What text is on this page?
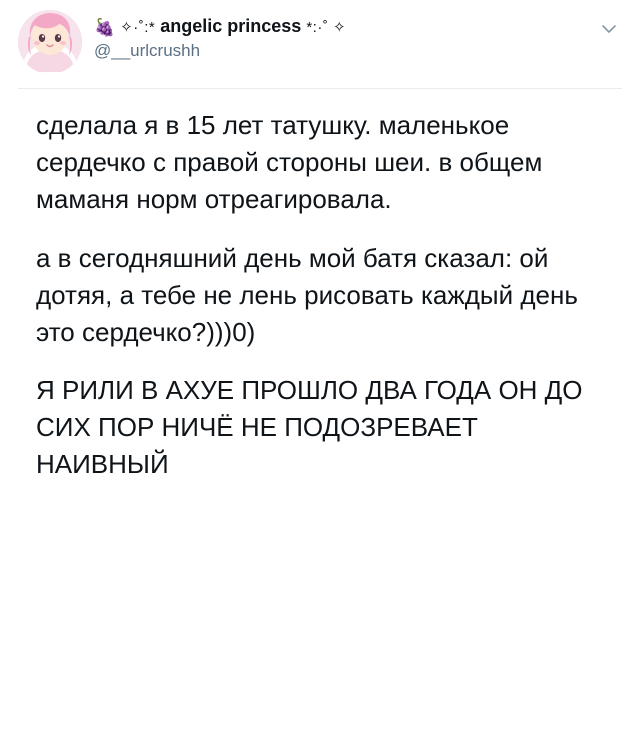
🍇 ✧·˚:* angelic princess *:·˚ ✧
@__urlcrushh

сделала я в 15 лет татушку. маленькое сердечко с правой стороны шеи. в общем маманя норм отреагировала.

а в сегодняшний день мой батя сказал: ой дотяя, а тебе не лень рисовать каждый день это сердечко?)))0)

Я РИЛИ В АХУЕ ПРОШЛО ДВА ГОДА ОН ДО СИХ ПОР НИЧЁ НЕ ПОДОЗРЕВАЕТ НАИВНЫЙ
